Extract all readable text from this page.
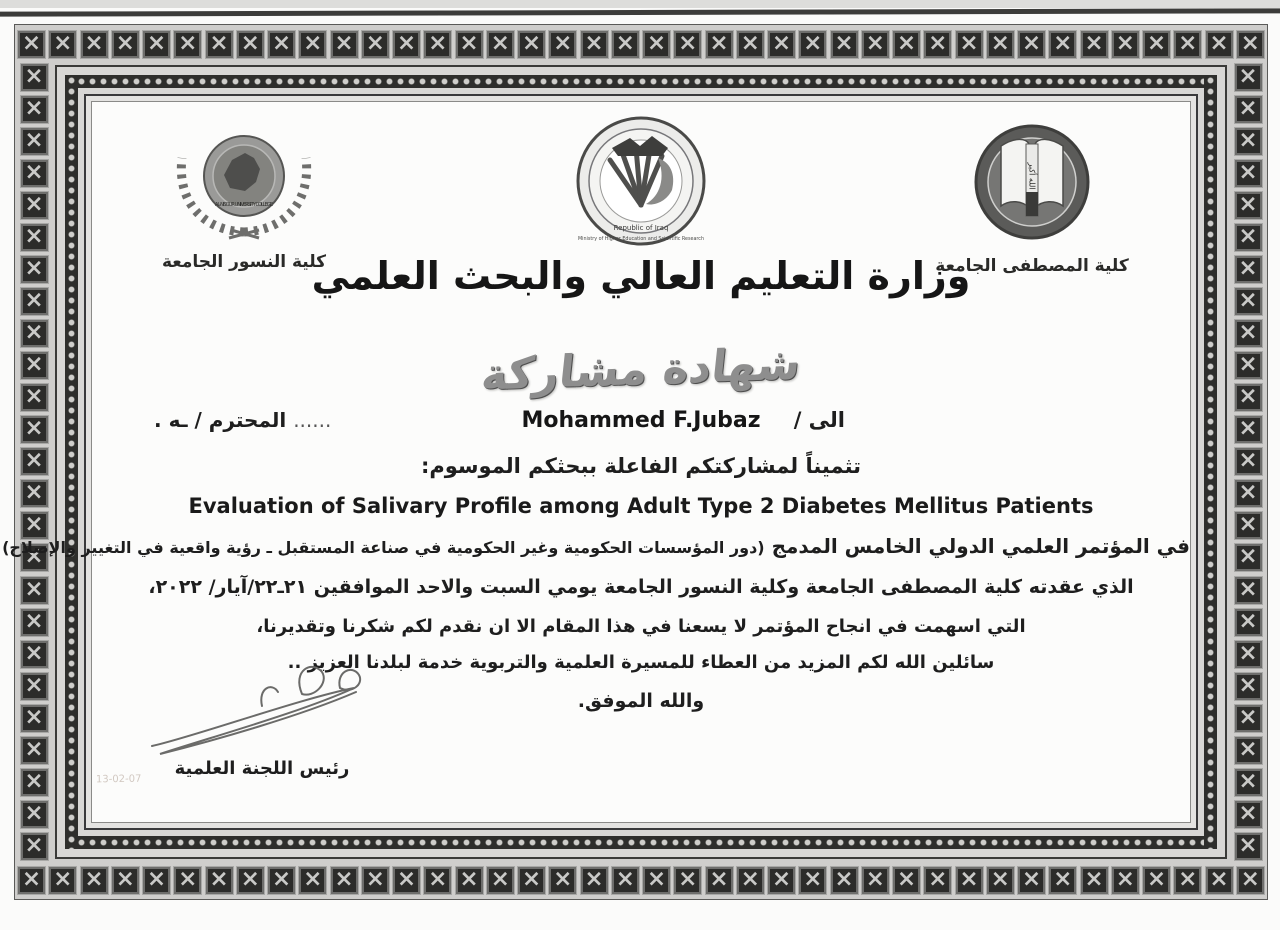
×
×
×
×
×
×
×
×
×
×
×
×
×
×
×
×
×
×
×
×
×
×
×
×
×
×
×
×
×
×
×
×
×
×
×
×
×
×
×
×
×
×
×
×
×
×
×
×
×
×
×
×
×
×
×
×
×
×
×
×
×
×
×
×
×
×
×
×
×
×
×
×
×
×
×
×
×
×
×
×
×
×
×
×
×
×
×
×
×
×
×
×
×
×
×
×
×
×
×
×
×
×
×
×
×
×
×
×
×
×
×
×
×
×
×
×
×
×
×
×
×
×
×
×
×
×
×
×
×
×
AL-NISOUR UNIVERSITY COLLEGE
كلية النسور الجامعة
Republic of Iraq
Ministry of Higher Education and Scientific Research
الله أكبر
كلية المصطفى الجامعة
وزارة التعليم العالي والبحث العلمي
شهادة مشاركة
الى /
Mohammed F.Jubaz
...... المحترم / ـه .
تثميناً لمشاركتكم الفاعلة ببحثكم الموسوم:
Evaluation of Salivary Profile among Adult Type 2 Diabetes Mellitus Patients
في المؤتمر العلمي الدولي الخامس المدمج (دور المؤسسات الحكومية وغير الحكومية في صناعة المستقبل ـ رؤية واقعية في التغيير والإصلاح)
الذي عقدته كلية المصطفى الجامعة وكلية النسور الجامعة يومي السبت والاحد الموافقين ٢١ـ٢٢/آيار/ ٢٠٢٢،
التي اسهمت في انجاح المؤتمر لا يسعنا في هذا المقام الا ان نقدم لكم شكرنا وتقديرنا،
سائلين الله لكم المزيد من العطاء للمسيرة العلمية والتربوية خدمة لبلدنا العزيز ..
والله الموفق.
رئيس اللجنة العلمية
13-02-07
